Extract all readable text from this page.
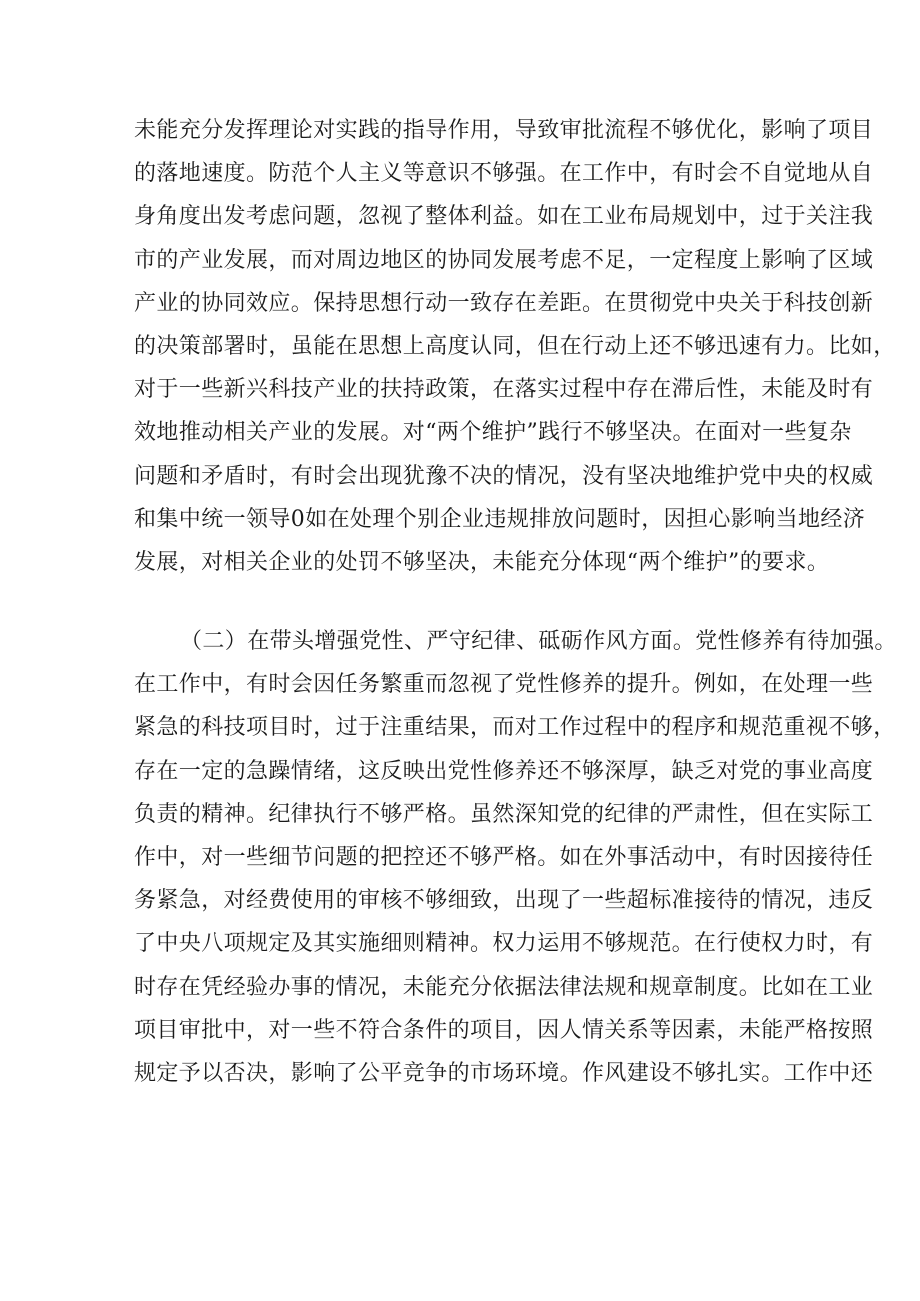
未能充分发挥理论对实践的指导作用，导致审批流程不够优化，影响了项目
的落地速度。防范个人主义等意识不够强。在工作中，有时会不自觉地从自
身角度出发考虑问题，忽视了整体利益。如在工业布局规划中，过于关注我
市的产业发展，而对周边地区的协同发展考虑不足，一定程度上影响了区域
产业的协同效应。保持思想行动一致存在差距。在贯彻党中央关于科技创新
的决策部署时，虽能在思想上高度认同，但在行动上还不够迅速有力。比如，
对于一些新兴科技产业的扶持政策，在落实过程中存在滞后性，未能及时有
效地推动相关产业的发展。对“两个维护”践行不够坚决。在面对一些复杂
问题和矛盾时，有时会出现犹豫不决的情况，没有坚决地维护党中央的权威
和集中统一领导0如在处理个别企业违规排放问题时，因担心影响当地经济
发展，对相关企业的处罚不够坚决，未能充分体现“两个维护”的要求。
（二）在带头增强党性、严守纪律、砥砺作风方面。党性修养有待加强。
在工作中，有时会因任务繁重而忽视了党性修养的提升。例如，在处理一些
紧急的科技项目时，过于注重结果，而对工作过程中的程序和规范重视不够，
存在一定的急躁情绪，这反映出党性修养还不够深厚，缺乏对党的事业高度
负责的精神。纪律执行不够严格。虽然深知党的纪律的严肃性，但在实际工
作中，对一些细节问题的把控还不够严格。如在外事活动中，有时因接待任
务紧急，对经费使用的审核不够细致，出现了一些超标准接待的情况，违反
了中央八项规定及其实施细则精神。权力运用不够规范。在行使权力时，有
时存在凭经验办事的情况，未能充分依据法律法规和规章制度。比如在工业
项目审批中，对一些不符合条件的项目，因人情关系等因素，未能严格按照
规定予以否决，影响了公平竞争的市场环境。作风建设不够扎实。工作中还
